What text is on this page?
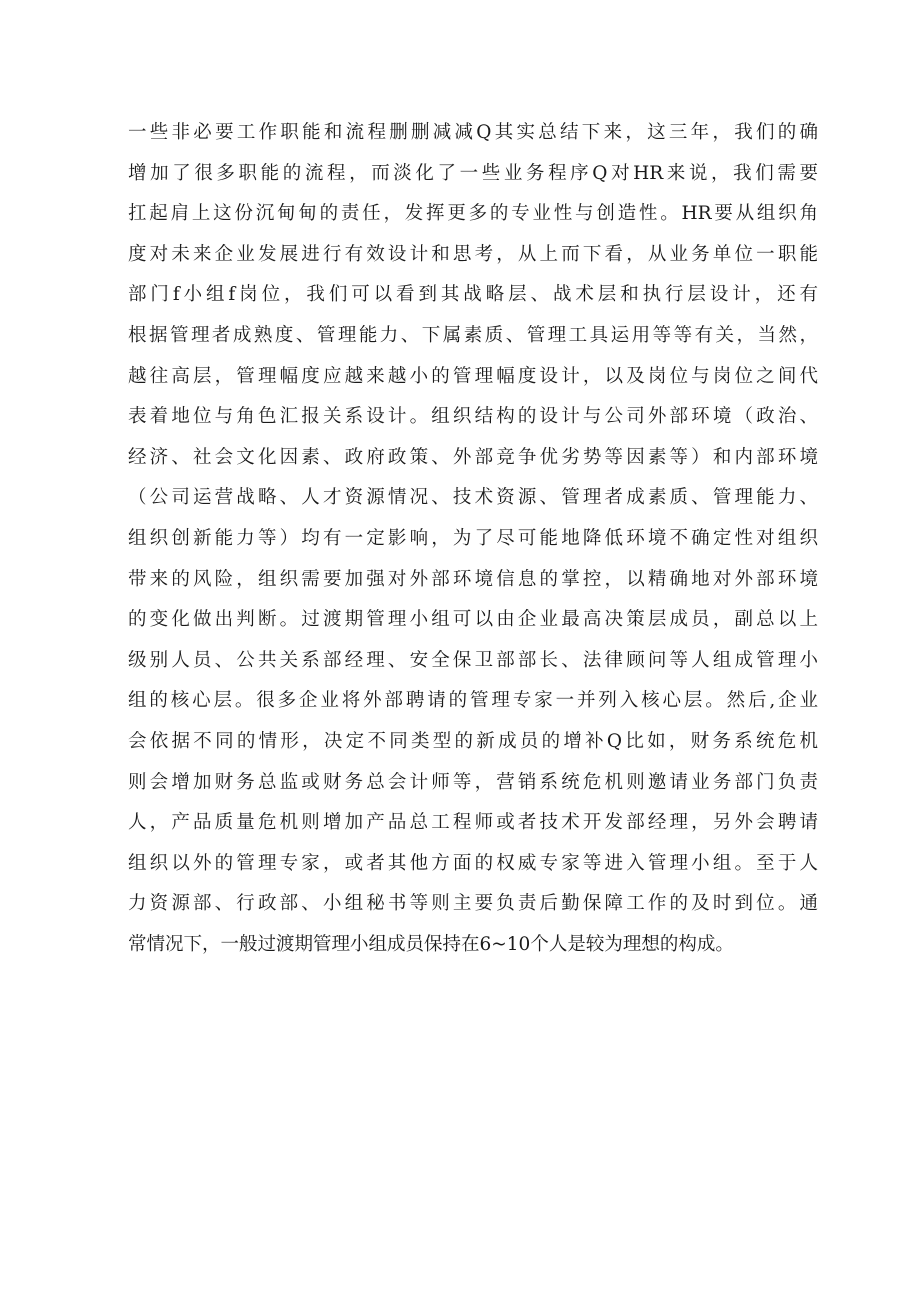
一些非必要工作职能和流程删删减减Q其实总结下来，这三年，我们的确
增加了很多职能的流程，而淡化了一些业务程序Q对HR来说，我们需要
扛起肩上这份沉甸甸的责任，发挥更多的专业性与创造性。HR要从组织角
度对未来企业发展进行有效设计和思考，从上而下看，从业务单位一职能
部门f小组f岗位，我们可以看到其战略层、战术层和执行层设计，还有
根据管理者成熟度、管理能力、下属素质、管理工具运用等等有关，当然，
越往高层，管理幅度应越来越小的管理幅度设计，以及岗位与岗位之间代
表着地位与角色汇报关系设计。组织结构的设计与公司外部环境（政治、
经济、社会文化因素、政府政策、外部竞争优劣势等因素等）和内部环境
（公司运营战略、人才资源情况、技术资源、管理者成素质、管理能力、
组织创新能力等）均有一定影响，为了尽可能地降低环境不确定性对组织
带来的风险，组织需要加强对外部环境信息的掌控，以精确地对外部环境
的变化做出判断。过渡期管理小组可以由企业最高决策层成员，副总以上
级别人员、公共关系部经理、安全保卫部部长、法律顾问等人组成管理小
组的核心层。很多企业将外部聘请的管理专家一并列入核心层。然后,企业
会依据不同的情形，决定不同类型的新成员的增补Q比如，财务系统危机
则会增加财务总监或财务总会计师等，营销系统危机则邀请业务部门负责
人，产品质量危机则增加产品总工程师或者技术开发部经理，另外会聘请
组织以外的管理专家，或者其他方面的权威专家等进入管理小组。至于人
力资源部、行政部、小组秘书等则主要负责后勤保障工作的及时到位。通
常情况下，一般过渡期管理小组成员保持在6~10个人是较为理想的构成。
